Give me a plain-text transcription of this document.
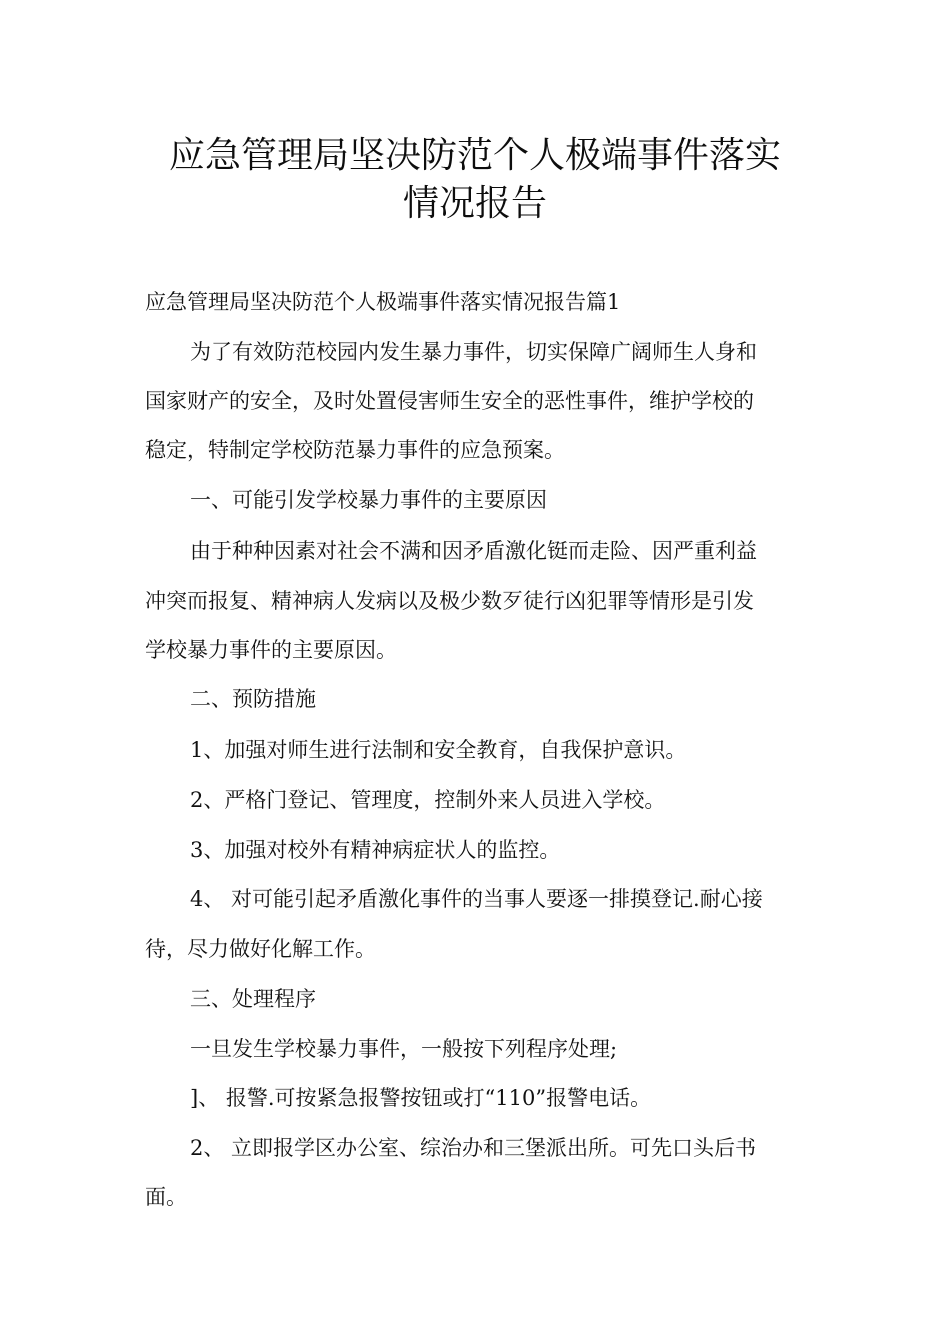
应急管理局坚决防范个人极端事件落实
情况报告
应急管理局坚决防范个人极端事件落实情况报告篇1
为了有效防范校园内发生暴力事件，切实保障广阔师生人身和
国家财产的安全，及时处置侵害师生安全的恶性事件，维护学校的
稳定，特制定学校防范暴力事件的应急预案。
一、可能引发学校暴力事件的主要原因
由于种种因素对社会不满和因矛盾激化铤而走险、因严重利益
冲突而报复、精神病人发病以及极少数歹徒行凶犯罪等情形是引发
学校暴力事件的主要原因。
二、预防措施
1、加强对师生进行法制和安全教育，自我保护意识。
2、严格门登记、管理度，控制外来人员进入学校。
3、加强对校外有精神病症状人的监控。
4、 对可能引起矛盾激化事件的当事人要逐一排摸登记.耐心接
待，尽力做好化解工作。
三、处理程序
一旦发生学校暴力事件，一般按下列程序处理;
]、 报警.可按紧急报警按钮或打“110”报警电话。
2、 立即报学区办公室、综治办和三堡派出所。可先口头后书
面。
